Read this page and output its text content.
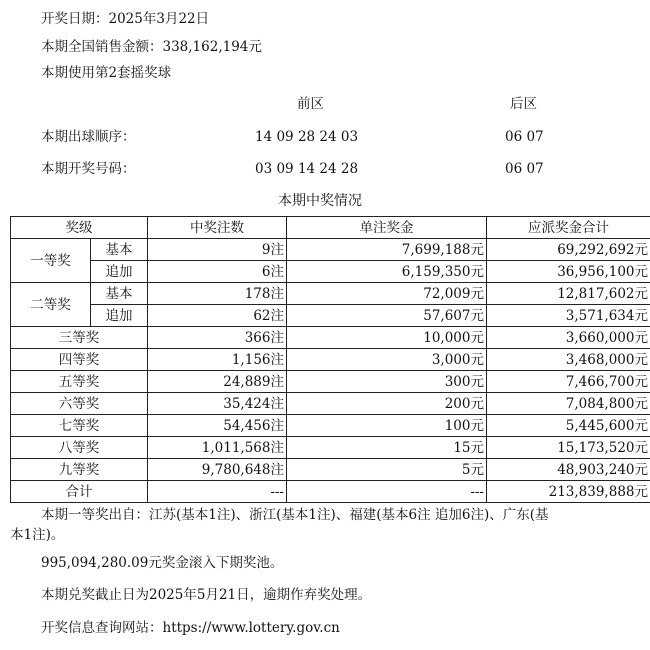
开奖日期：2025年3月22日
本期全国销售金额：338,162,194元
本期使用第2套摇奖球
前区	后区
本期出球顺序：	14 09 28 24 03	06 07
本期开奖号码：	03 09 14 24 28	06 07
本期中奖情况
奖级		中奖注数	单注奖金	应派奖金合计
一等奖	基本	9注	7,699,188元	69,292,692元
	追加	6注	6,159,350元	36,956,100元
二等奖	基本	178注	72,009元	12,817,602元
	追加	62注	57,607元	3,571,634元
三等奖		366注	10,000元	3,660,000元
四等奖		1,156注	3,000元	3,468,000元
五等奖		24,889注	300元	7,466,700元
六等奖		35,424注	200元	7,084,800元
七等奖		54,456注	100元	5,445,600元
八等奖		1,011,568注	15元	15,173,520元
九等奖		9,780,648注	5元	48,903,240元
合计		---	---	213,839,888元
本期一等奖出自：江苏(基本1注)、浙江(基本1注)、福建(基本6注 追加6注)、广东(基
本1注)。
995,094,280.09元奖金滚入下期奖池。
本期兑奖截止日为2025年5月21日，逾期作弃奖处理。
开奖信息查询网站：https://www.lottery.gov.cn
